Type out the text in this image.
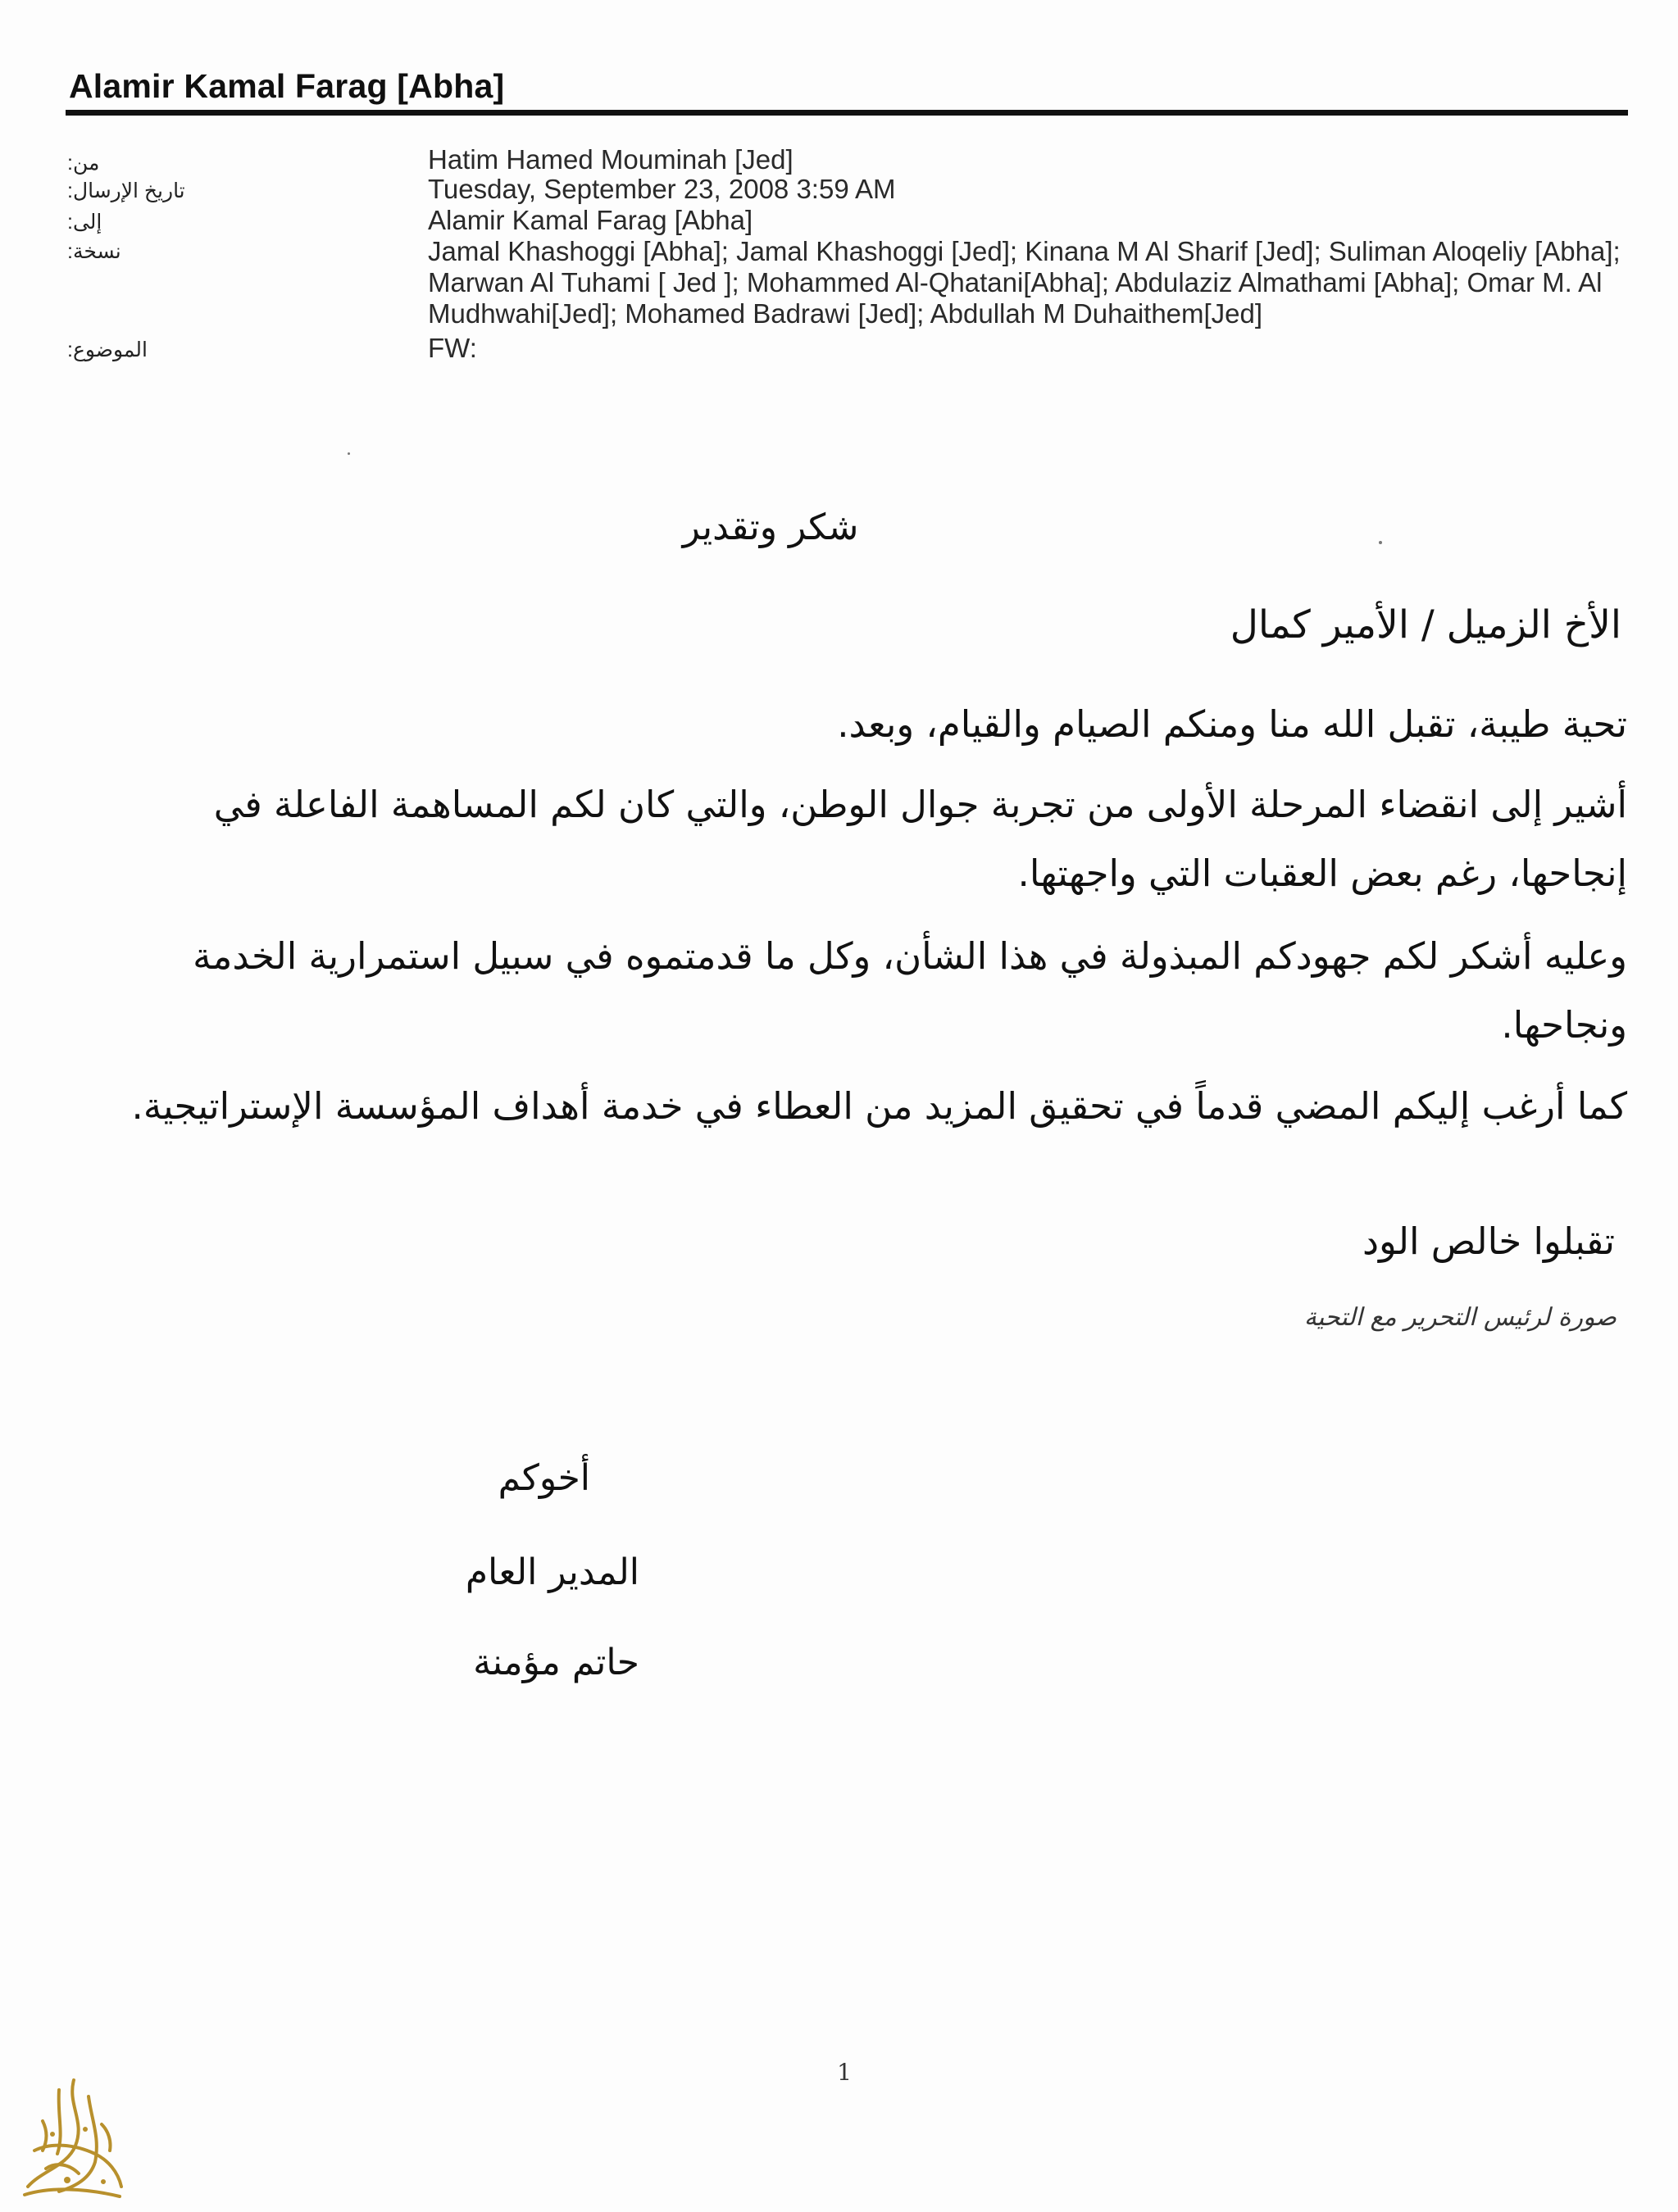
Alamir Kamal Farag [Abha]
من:	Hatim Hamed Mouminah [Jed]
تاريخ الإرسال:	Tuesday, September 23, 2008 3:59 AM
إلى:	Alamir Kamal Farag [Abha]
نسخة:	Jamal Khashoggi [Abha]; Jamal Khashoggi [Jed]; Kinana M Al Sharif [Jed]; Suliman Aloqeliy [Abha]; Marwan Al Tuhami [ Jed ]; Mohammed Al-Qhatani[Abha]; Abdulaziz Almathami [Abha]; Omar M. Al Mudhwahi[Jed]; Mohamed Badrawi [Jed]; Abdullah M Duhaithem[Jed]
الموضوع:	FW:
شكر وتقدير
الأخ الزميل / الأمير كمال
تحية طيبة، تقبل الله منا ومنكم الصيام والقيام، وبعد.
أشير إلى انقضاء المرحلة الأولى من تجربة جوال الوطن، والتي كان لكم المساهمة الفاعلة في إنجاحها، رغم بعض العقبات التي واجهتها.
وعليه أشكر لكم جهودكم المبذولة في هذا الشأن، وكل ما قدمتموه في سبيل استمرارية الخدمة ونجاحها.
كما أرغب إليكم المضي قدماً في تحقيق المزيد من العطاء في خدمة أهداف المؤسسة الإستراتيجية.
تقبلوا خالص الود
صورة لرئيس التحرير مع التحية
أخوكم
المدير العام
حاتم مؤمنة
1
